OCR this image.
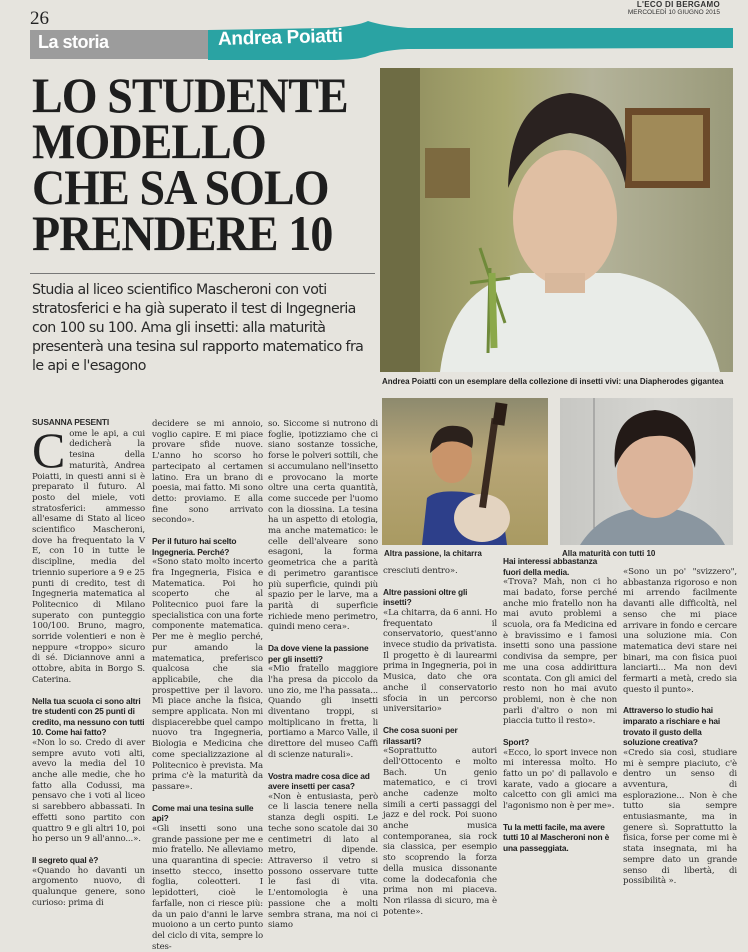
26
L'ECO DI BERGAMO
MERCOLEDÌ 10 GIUGNO 2015
La storia	Andrea Poiatti
LO STUDENTE
MODELLO
CHE SA SOLO
PRENDERE 10
Studia al liceo scientifico Mascheroni con voti stratosferici e ha già superato il test di Ingegneria con 100 su 100. Ama gli insetti: alla maturità presenterà una tesina sul rapporto matematico fra le api e l'esagono
Andrea Poiatti con un esemplare della collezione di insetti vivi: una Diapherodes gigantea
Altra passione, la chitarra	Alla maturità con tutti 10
SUSANNA PESENTI
C ome le api, a cui dedicherà la tesina della maturità, Andrea Poiatti, in questi anni si è preparato il futuro. Al posto del miele, voti stratosferici: ammesso all'esame di Stato al liceo scientifico Mascheroni, dove ha frequentato la V E, con 10 in tutte le discipline, media del triennio superiore a 9 e 25 punti di credito, test di Ingegneria matematica al Politecnico di Milano superato con punteggio 100/100. Bruno, magro, sorride volentieri e non è neppure «troppo» sicuro di sé. Diciannove anni a ottobre, abita in Borgo S. Caterina.

Nella tua scuola ci sono altri tre studenti con 25 punti di credito, ma nessuno con tutti 10. Come hai fatto?

«Non lo so. Credo di aver sempre avuto voti alti, avevo la media del 10 anche alle medie, che ho fatto alla Codussi, ma pensavo che i voti al liceo si sarebbero abbassati. In effetti sono partito con quattro 9 e gli altri 10, poi ho perso un 9 all'anno...».

Il segreto qual è?

«Quando ho davanti un argomento nuovo, di qualunque genere, sono curioso: prima di

decidere se mi annoio, voglio capire. E mi piace provare sfide nuove. L'anno ho scorso ho partecipato al certamen latino. Era un brano di poesia, mai fatto. Mi sono detto: proviamo. E alla fine sono arrivato secondo».

Per il futuro hai scelto Ingegneria. Perché?

«Sono stato molto incerto fra Ingegneria, Fisica e Matematica. Poi ho scoperto che al Politecnico puoi fare la specialistica con una forte componente matematica. Per me è meglio perché, pur amando la matematica, preferisco qualcosa che sia applicabile, che dia prospettive per il lavoro. Mi piace anche la fisica, sempre applicata. Non mi dispiacerebbe quel campo nuovo tra Ingegneria, Biologia e Medicina che come specializzazione al Politecnico è prevista. Ma prima c'è la maturità da passare».

Come mai una tesina sulle api?

«Gli insetti sono una grande passione per me e mio fratello. Ne alleviamo una quarantina di specie: insetto stecco, insetto foglia, coleotteri. I lepidotteri, cioè le farfalle, non ci riesce più: da un paio d'anni le larve muoiono a un certo punto del ciclo di vita, sempre lo stes-

so. Siccome si nutrono di foglie, ipotizziamo che ci siano sostanze tossiche, forse le polveri sottili, che si accumulano nell'insetto e provocano la morte oltre una certa quantità, come succede per l'uomo con la diossina. La tesina ha un aspetto di etologia, ma anche matematico: le celle dell'alveare sono esagoni, la forma geometrica che a parità di perimetro garantisce più superficie, quindi più spazio per le larve, ma a parità di superficie richiede meno perimetro, quindi meno cera».

Da dove viene la passione per gli insetti?

«Mio fratello maggiore l'ha presa da piccolo da uno zio, me l'ha passata... Quando gli insetti diventano troppi, si moltiplicano in fretta, li portiamo a Marco Valle, il direttore del museo Caffi di scienze naturali».

Vostra madre cosa dice ad avere insetti per casa?

«Non è entusiasta, però ce li lascia tenere nella stanza degli ospiti. Le teche sono scatole dai 30 centimetri di lato al metro, dipende. Attraverso il vetro si possono osservare tutte le fasi di vita. L'entomologia è una passione che a molti sembra strana, ma noi ci siamo

cresciuti dentro».

Altre passioni oltre gli insetti?

«La chitarra, da 6 anni. Ho frequentato il conservatorio, quest'anno invece studio da privatista. Il progetto è di laurearmi prima in Ingegneria, poi in Musica, dato che ora anche il conservatorio sfocia in un percorso universitario»

Che cosa suoni per rilassarti?

«Soprattutto autori dell'Ottocento e molto Bach. Un genio matematico, e ci trovi anche cadenze molto simili a certi passaggi del jazz e del rock. Poi suono anche musica contemporanea, sia rock sia classica, per esempio sto scoprendo la forza della musica dissonante come la dodecafonia che prima non mi piaceva. Non rilassa di sicuro, ma è potente».

Hai interessi abbastanza fuori della media.

«Trova? Mah, non ci ho mai badato, forse perché anche mio fratello non ha mai avuto problemi a scuola, ora fa Medicina ed è bravissimo e i famosi insetti sono una passione condivisa da sempre, per me una cosa addirittura scontata. Con gli amici del resto non ho mai avuto problemi, non è che non parli d'altro o non mi piaccia tutto il resto».

Sport?

«Ecco, lo sport invece non mi interessa molto. Ho fatto un po' di pallavolo e karate, vado a giocare a calcetto con gli amici ma l'agonismo non è per me».

Tu la metti facile, ma avere tutti 10 al Mascheroni non è una passeggiata.

«Sono un po' "svizzero", abbastanza rigoroso e non mi arrendo facilmente davanti alle difficoltà, nel senso che mi piace arrivare in fondo e cercare una soluzione mia. Con matematica devi stare nei binari, ma con fisica puoi lanciarti... Ma non devi fermarti a metà, credo sia questo il punto».

Attraverso lo studio hai imparato a rischiare e hai trovato il gusto della soluzione creativa?

«Credo sia così, studiare mi è sempre piaciuto, c'è dentro un senso di avventura, di esplorazione... Non è che tutto sia sempre entusiasmante, ma in genere sì. Soprattutto la fisica, forse per come mi è stata insegnata, mi ha sempre dato un grande senso di libertà, di possibilità ».
